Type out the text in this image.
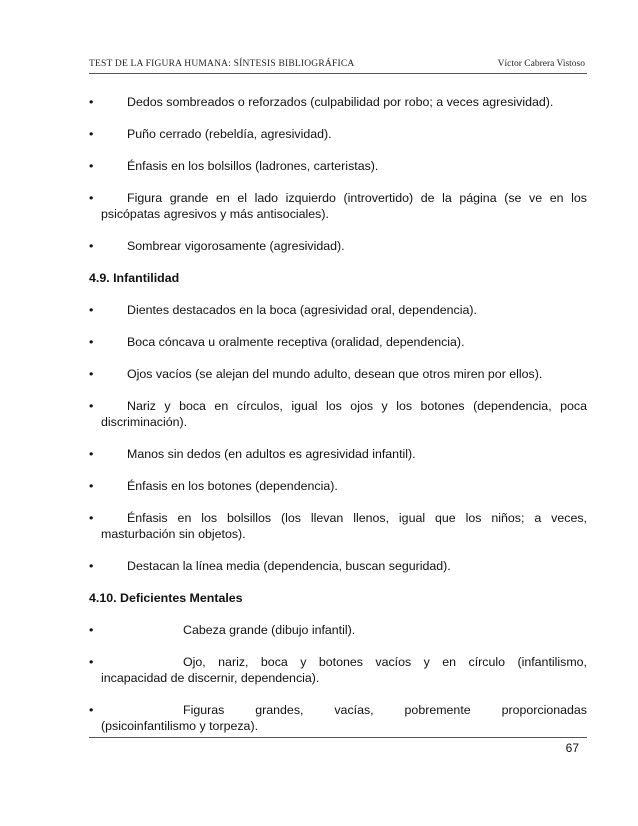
TEST DE LA FIGURA HUMANA: SÍNTESIS BIBLIOGRÁFICA	Víctor Cabrera Vistoso
•	Dedos sombreados o reforzados (culpabilidad por robo; a veces agresividad).
•	Puño cerrado (rebeldía, agresividad).
•	Énfasis en los bolsillos (ladrones, carteristas).
•	Figura grande en el lado izquierdo (introvertido) de la página (se ve en los
psicópatas agresivos y más antisociales).
•	Sombrear vigorosamente (agresividad).
4.9. Infantilidad
•	Dientes destacados en la boca (agresividad oral, dependencia).
•	Boca cóncava u oralmente receptiva (oralidad, dependencia).
•	Ojos vacíos (se alejan del mundo adulto, desean que otros miren por ellos).
•	Nariz y boca en círculos, igual los ojos y los botones (dependencia, poca
discriminación).
•	Manos sin dedos (en adultos es agresividad infantil).
•	Énfasis en los botones (dependencia).
•	Énfasis en los bolsillos (los llevan llenos, igual que los niños; a veces,
masturbación sin objetos).
•	Destacan la línea media (dependencia, buscan seguridad).
4.10. Deficientes Mentales
•	Cabeza grande (dibujo infantil).
•	Ojo, nariz, boca y botones vacíos y en círculo (infantilismo,
incapacidad de discernir, dependencia).
•	Figuras grandes, vacías, pobremente proporcionadas
(psicoinfantilismo y torpeza).
67
